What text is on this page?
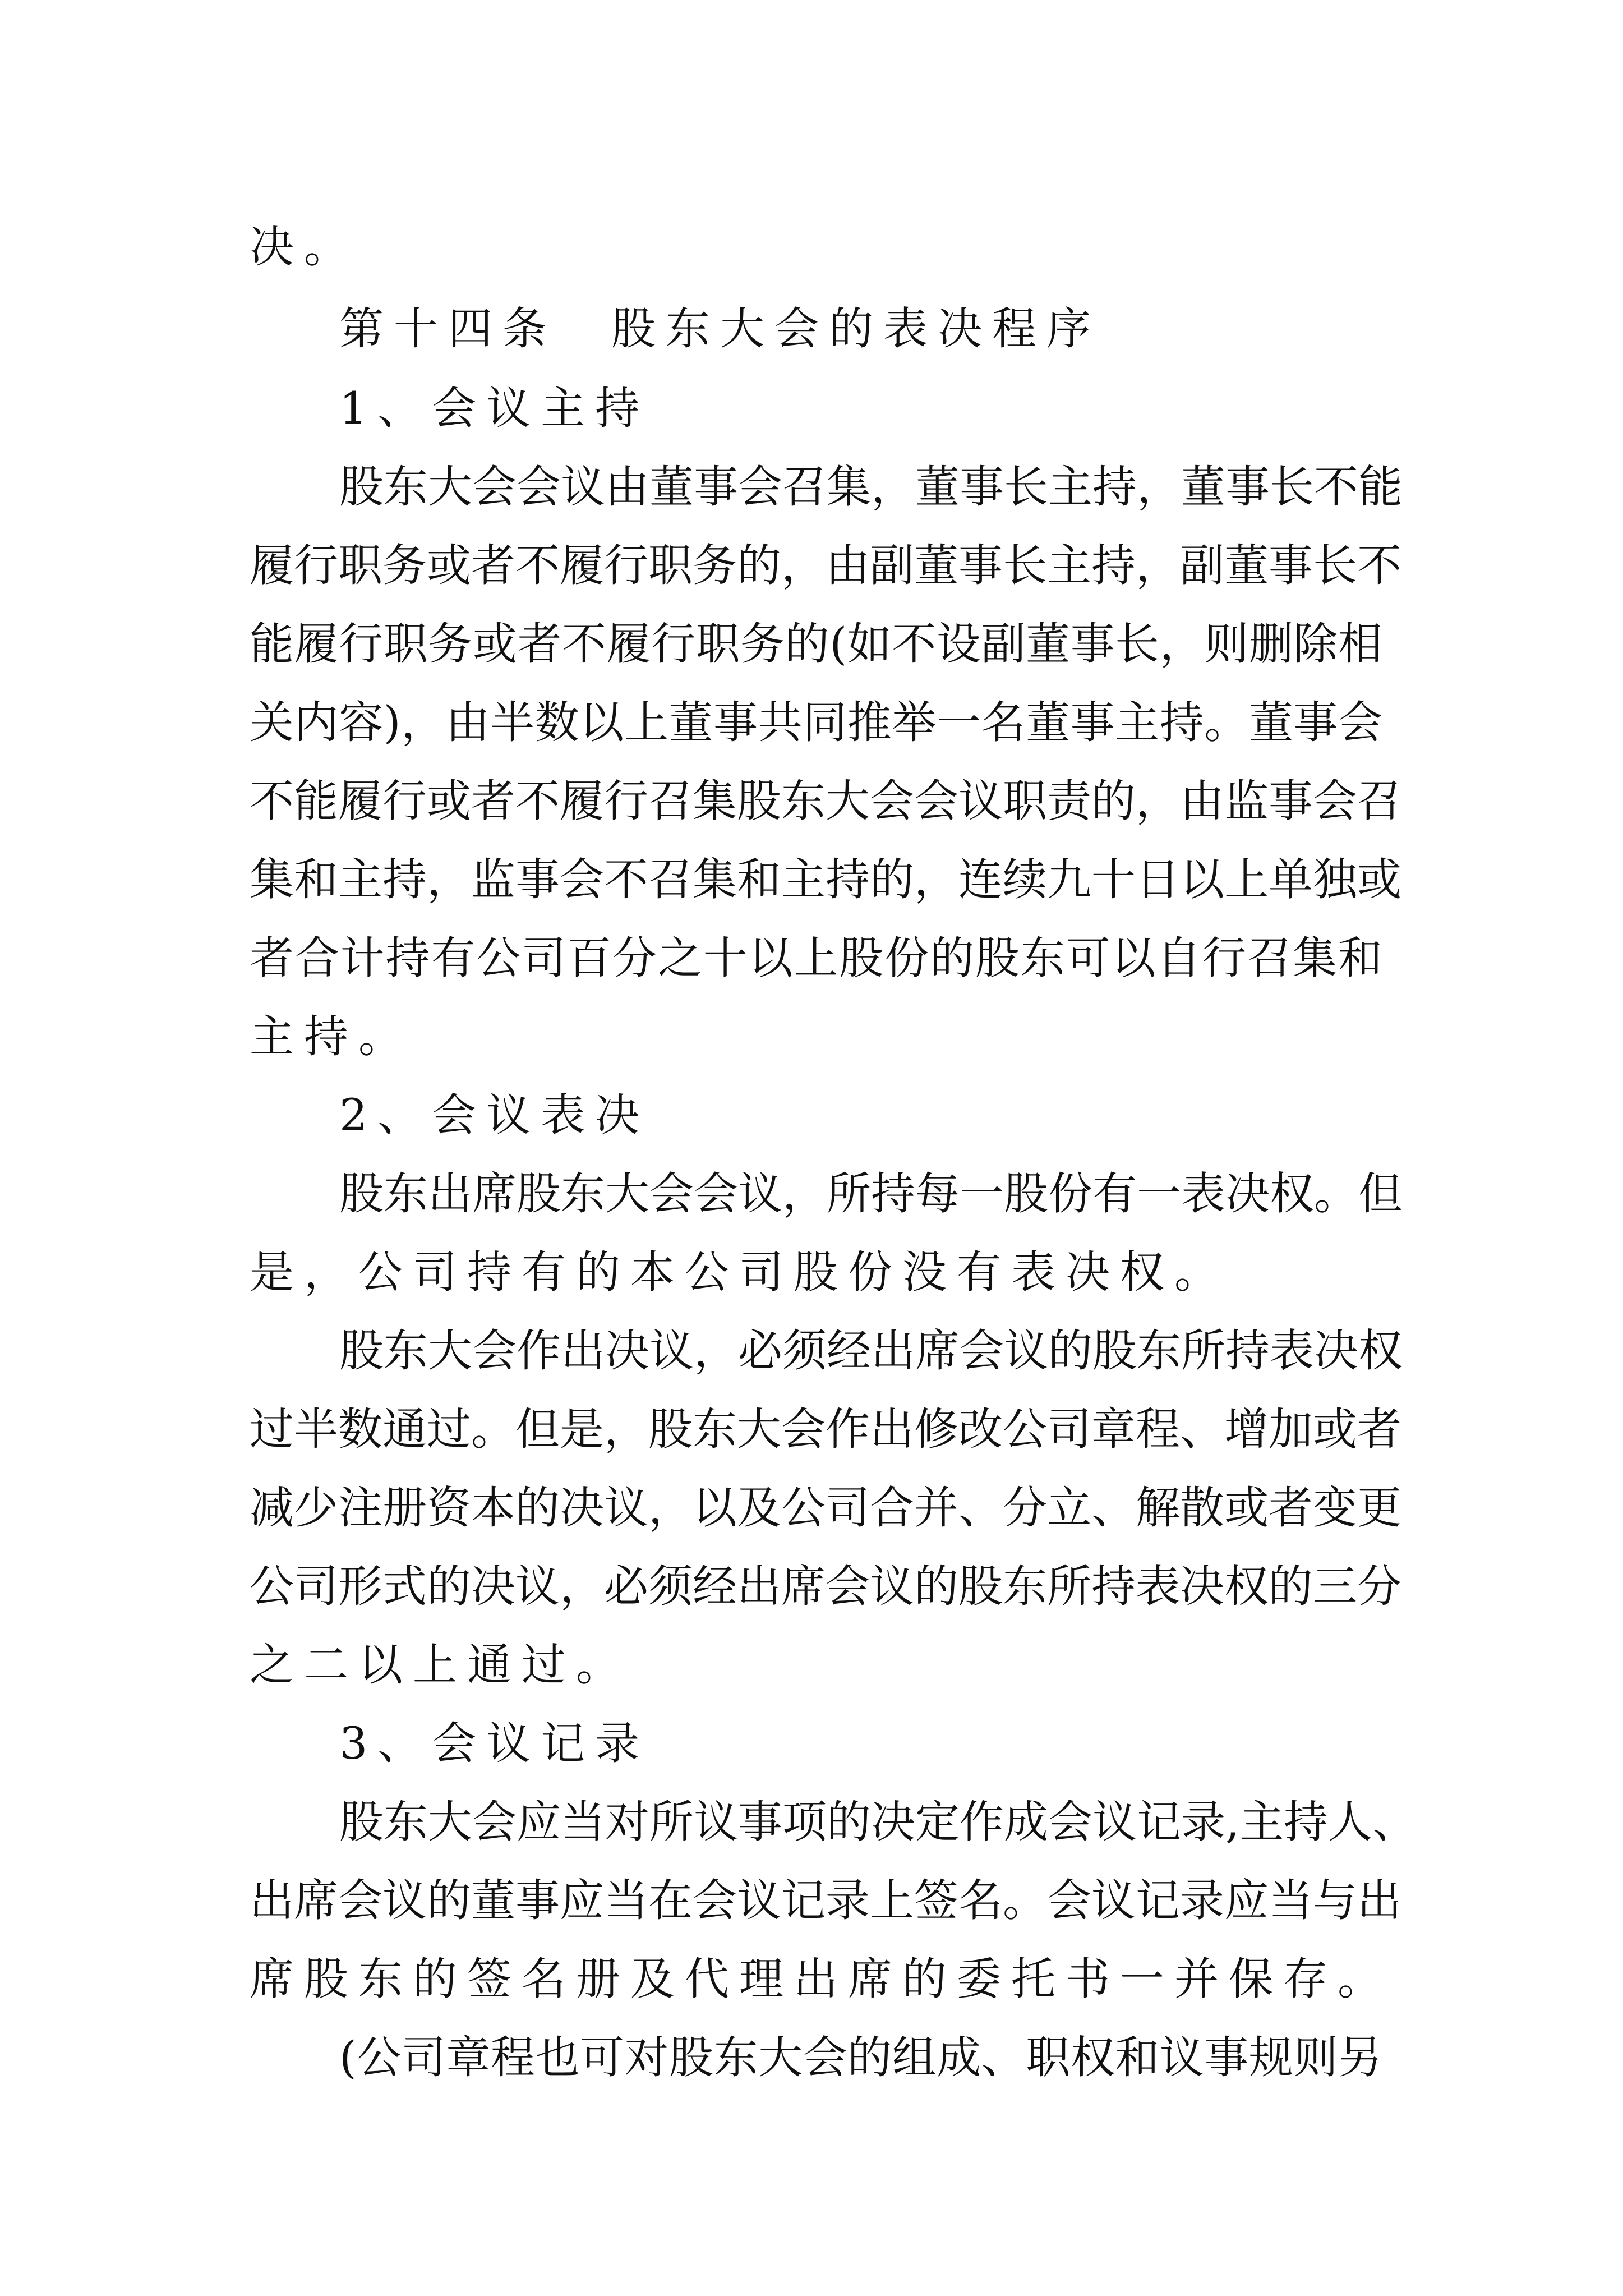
决。
第十四条　股东大会的表决程序
1、会议主持
股东大会会议由董事会召集，董事长主持，董事长不能
履行职务或者不履行职务的，由副董事长主持，副董事长不
能履行职务或者不履行职务的(如不设副董事长，则删除相
关内容)，由半数以上董事共同推举一名董事主持。董事会
不能履行或者不履行召集股东大会会议职责的，由监事会召
集和主持，监事会不召集和主持的，连续九十日以上单独或
者合计持有公司百分之十以上股份的股东可以自行召集和
主持。
2、会议表决
股东出席股东大会会议，所持每一股份有一表决权。但
是，公司持有的本公司股份没有表决权。
股东大会作出决议，必须经出席会议的股东所持表决权
过半数通过。但是，股东大会作出修改公司章程、增加或者
减少注册资本的决议，以及公司合并、分立、解散或者变更
公司形式的决议，必须经出席会议的股东所持表决权的三分
之二以上通过。
3、会议记录
股东大会应当对所议事项的决定作成会议记录,主持人、
出席会议的董事应当在会议记录上签名。会议记录应当与出
席股东的签名册及代理出席的委托书一并保存。
(公司章程也可对股东大会的组成、职权和议事规则另
